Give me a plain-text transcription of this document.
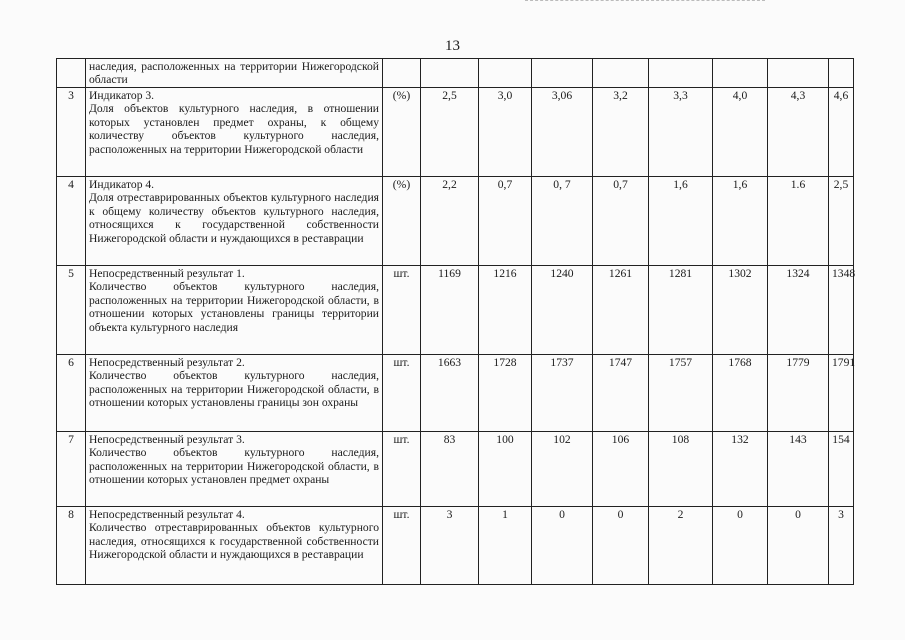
13

	наследия, расположенных на территории Нижегородской области									

3	Индикатор 3.
Доля объектов культурного наследия, в отношении которых установлен предмет охраны, к общему количеству объектов культурного наследия, расположенных на территории Нижегородской области	(%)	2,5	3,0	3,06	3,2	3,3	4,0	4,3	4,6
4	Индикатор 4.
Доля отреставрированных объектов культурного наследия к общему количеству объектов культурного наследия, относящихся к государственной собственности Нижегородской области и нуждающихся в реставрации	(%)	2,2	0,7	0, 7	0,7	1,6	1,6	1.6	2,5
5	Непосредственный результат 1.
Количество объектов культурного наследия, расположенных на территории Нижегородской области, в отношении которых установлены границы территории объекта культурного наследия	шт.	1169	1216	1240	1261	1281	1302	1324	1348
6	Непосредственный результат 2.
Количество объектов культурного наследия, расположенных на территории Нижегородской области, в отношении которых установлены границы зон охраны	шт.	1663	1728	1737	1747	1757	1768	1779	1791
7	Непосредственный результат 3.
Количество объектов культурного наследия, расположенных на территории Нижегородской области, в отношении которых установлен предмет охраны	шт.	83	100	102	106	108	132	143	154
8	Непосредственный результат 4.
Количество отреставрированных объектов культурного наследия, относящихся к государственной собственности Нижегородской области и нуждающихся в реставрации	шт.	3	1	0	0	2	0	0	3
